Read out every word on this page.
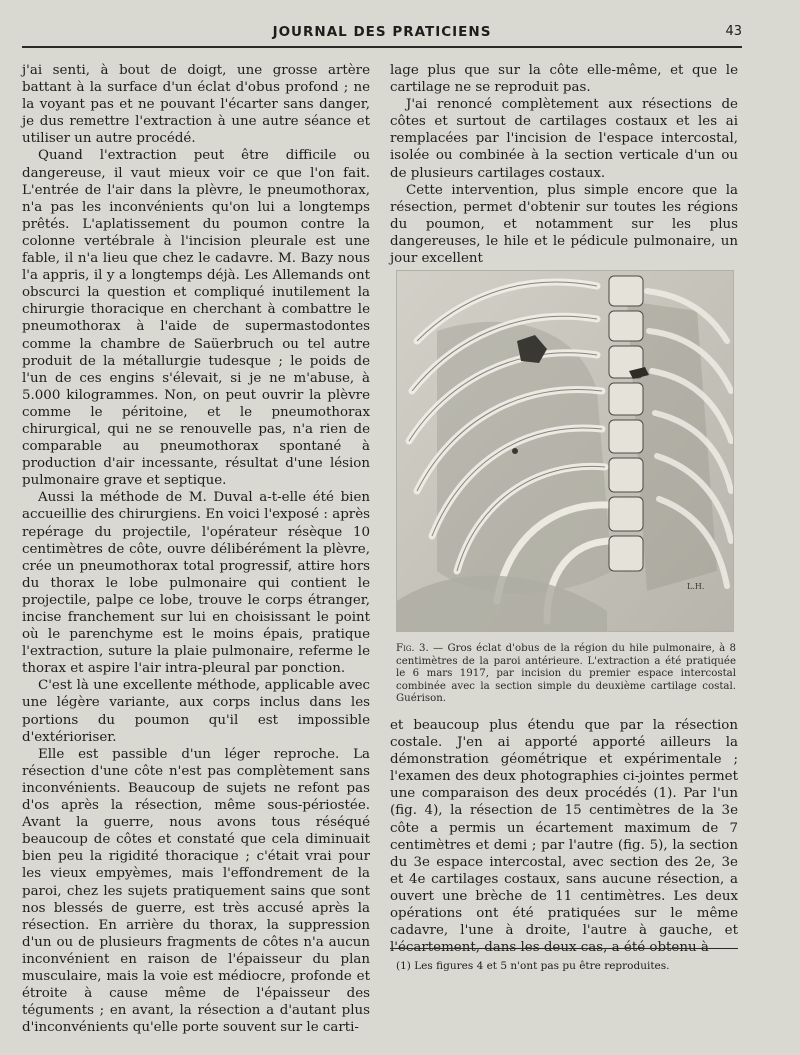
JOURNAL DES PRATICIENS	43

j'ai senti, à bout de doigt, une grosse artère battant à la surface d'un éclat d'obus profond ; ne la voyant pas et ne pouvant l'écarter sans danger, je dus remettre l'extraction à une autre séance et utiliser un autre procédé.

Quand l'extraction peut être difficile ou dangereuse, il vaut mieux voir ce que l'on fait. L'entrée de l'air dans la plèvre, le pneumothorax, n'a pas les inconvénients qu'on lui a longtemps prêtés. L'aplatissement du poumon contre la colonne vertébrale à l'incision pleurale est une fable, il n'a lieu que chez le cadavre. M. Bazy nous l'a appris, il y a longtemps déjà. Les Allemands ont obscurci la question et compliqué inutilement la chirurgie thoracique en cherchant à combattre le pneumothorax à l'aide de supermastodontes comme la chambre de Saüerbruch ou tel autre produit de la métallurgie tudesque ; le poids de l'un de ces engins s'élevait, si je ne m'abuse, à 5.000 kilogrammes. Non, on peut ouvrir la plèvre comme le péritoine, et le pneumothorax chirurgical, qui ne se renouvelle pas, n'a rien de comparable au pneumothorax spontané à production d'air incessante, résultat d'une lésion pulmonaire grave et septique.

Aussi la méthode de M. Duval a-t-elle été bien accueillie des chirurgiens. En voici l'exposé : après repérage du projectile, l'opérateur résèque 10 centimètres de côte, ouvre délibérément la plèvre, crée un pneumothorax total progressif, attire hors du thorax le lobe pulmonaire qui contient le projectile, palpe ce lobe, trouve le corps étranger, incise franchement sur lui en choisissant le point où le parenchyme est le moins épais, pratique l'extraction, suture la plaie pulmonaire, referme le thorax et aspire l'air intra-pleural par ponction.

C'est là une excellente méthode, applicable avec une légère variante, aux corps inclus dans les portions du poumon qu'il est impossible d'extérioriser.

Elle est passible d'un léger reproche. La résection d'une côte n'est pas complètement sans inconvénients. Beaucoup de sujets ne refont pas d'os après la résection, même sous-périostée. Avant la guerre, nous avons tous réséqué beaucoup de côtes et constaté que cela diminuait bien peu la rigidité thoracique ; c'était vrai pour les vieux empyèmes, mais l'effondrement de la paroi, chez les sujets pratiquement sains que sont nos blessés de guerre, est très accusé après la résection. En arrière du thorax, la suppression d'un ou de plusieurs fragments de côtes n'a aucun inconvénient en raison de l'épaisseur du plan musculaire, mais la voie est médiocre, profonde et étroite à cause même de l'épaisseur des téguments ; en avant, la résection a d'autant plus d'inconvénients qu'elle porte souvent sur le carti-

lage plus que sur la côte elle-même, et que le cartilage ne se reproduit pas.

J'ai renoncé complètement aux résections de côtes et surtout de cartilages costaux et les ai remplacées par l'incision de l'espace intercostal, isolée ou combinée à la section verticale d'un ou de plusieurs cartilages costaux.

Cette intervention, plus simple encore que la résection, permet d'obtenir sur toutes les régions du poumon, et notamment sur les plus dangereuses, le hile et le pédicule pulmonaire, un jour excellent

L.H.
Fig. 3. — Gros éclat d'obus de la région du hile pulmonaire, à 8 centimètres de la paroi antérieure. L'extraction a été pratiquée le 6 mars 1917, par incision du premier espace intercostal combinée avec la section simple du deuxième cartilage costal. Guérison.

et beaucoup plus étendu que par la résection costale. J'en ai apporté apporté ailleurs la démonstration géométrique et expérimentale ; l'examen des deux photographies ci-jointes permet une comparaison des deux procédés (1). Par l'un (fig. 4), la résection de 15 centimètres de la 3e côte a permis un écartement maximum de 7 centimètres et demi ; par l'autre (fig. 5), la section du 3e espace intercostal, avec section des 2e, 3e et 4e cartilages costaux, sans aucune résection, a ouvert une brèche de 11 centimètres. Les deux opérations ont été pratiquées sur le même cadavre, l'une à droite, l'autre à gauche, et l'écartement, dans les deux cas, a été obtenu à

(1) Les figures 4 et 5 n'ont pas pu être reproduites.
